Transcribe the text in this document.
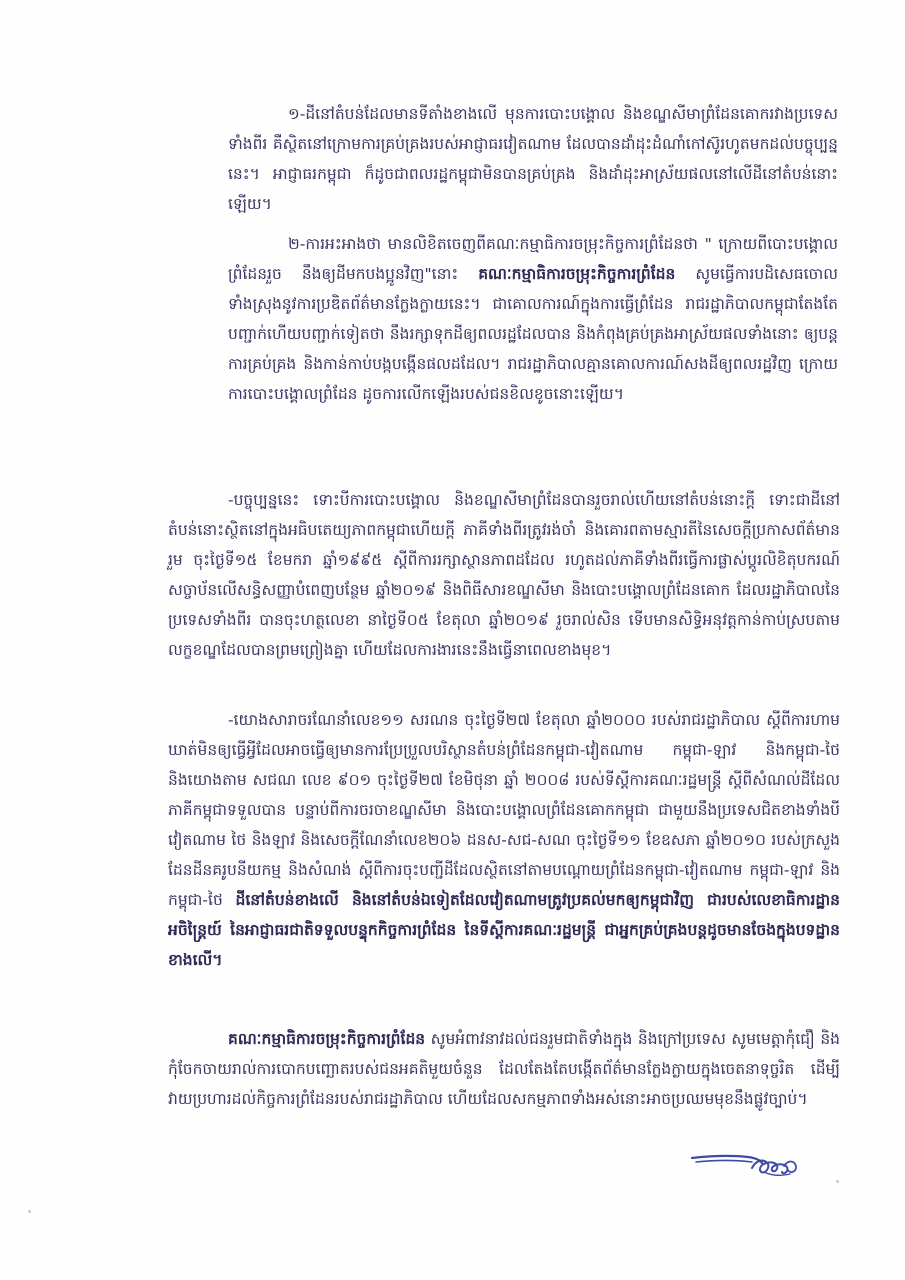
១-ដីនៅតំបន់ដែលមានទីតាំងខាងលើ មុនការបោះបង្គោល និងខណ្ឌសីមាព្រំដែនគោករវាងប្រទេសទាំងពីរ គឺស្ថិតនៅក្រោមការគ្រប់គ្រងរបស់អាជ្ញាធរវៀតណាម ដែលបានដាំដុះដំណាំកៅស៊ូរហូតមកដល់បច្ចុប្បន្ននេះ។ អាជ្ញាធរកម្ពុជា ក៏ដូចជាពលរដ្ឋកម្ពុជាមិនបានគ្រប់គ្រង និងដាំដុះអាស្រ័យផលនៅលើដីនៅតំបន់នោះឡើយ។

២-ការអះអាងថា មានលិខិតចេញពីគណៈកម្មាធិការចម្រុះកិច្ចការព្រំដែនថា " ក្រោយពីបោះបង្គោលព្រំដែនរួច នឹងឲ្យដីមកបងប្អូនវិញ"នោះ គណៈកម្មាធិការចម្រុះកិច្ចការព្រំដែន សូមធ្វើការបដិសេធចោលទាំងស្រុងនូវការប្រឌិតព័ត៌មានក្លែងក្លាយនេះ។ ជាគោលការណ៍ក្នុងការធ្វើព្រំដែន រាជរដ្ឋាភិបាលកម្ពុជាតែងតែបញ្ជាក់ហើយបញ្ជាក់ទៀតថា នឹងរក្សាទុកដីឲ្យពលរដ្ឋដែលបាន និងកំពុងគ្រប់គ្រងអាស្រ័យផលទាំងនោះ ឲ្យបន្តការគ្រប់គ្រង និងកាន់កាប់បង្កបង្កើនផលដដែល។ រាជរដ្ឋាភិបាលគ្មានគោលការណ៍សងដីឲ្យពលរដ្ឋវិញ ក្រោយការបោះបង្គោលព្រំដែន ដូចការលើកឡើងរបស់ជនខិលខូចនោះឡើយ។

-បច្ចុប្បន្ននេះ ទោះបីការបោះបង្គោល និងខណ្ឌសីមាព្រំដែនបានរួចរាល់ហើយនៅតំបន់នោះក្តី ទោះជាដីនៅតំបន់នោះស្ថិតនៅក្នុងអធិបតេយ្យភាពកម្ពុជាហើយក្តី ភាគីទាំងពីរត្រូវរង់ចាំ និងគោរពតាមស្មារតីនៃសេចក្តីប្រកាសព័ត៌មានរួម ចុះថ្ងៃទី១៥ ខែមករា ឆ្នាំ១៩៩៥ ស្តីពីការរក្សាស្ថានភាពដដែល រហូតដល់ភាគីទាំងពីរធ្វើការផ្លាស់ប្តូរលិខិតុបករណ៍សច្ចាប័នលើសន្ធិសញ្ញាបំពេញបន្ថែម ឆ្នាំ២០១៩ និងពិធីសារខណ្ឌសីមា និងបោះបង្គោលព្រំដែនគោក ដែលរដ្ឋាភិបាលនៃប្រទេសទាំងពីរ បានចុះហត្ថលេខា នាថ្ងៃទី០៥ ខែតុលា ឆ្នាំ២០១៩ រួចរាល់សិន ទើបមានសិទ្ធិអនុវត្តកាន់កាប់ស្របតាមលក្ខខណ្ឌដែលបានព្រមព្រៀងគ្នា ហើយដែលការងារនេះនឹងធ្វើនាពេលខាងមុខ។

-យោងសារាចរណែនាំលេខ១១ សរណន ចុះថ្ងៃទី២៧ ខែតុលា ឆ្នាំ២០០០ របស់រាជរដ្ឋាភិបាល ស្តីពីការហាមឃាត់មិនឲ្យធ្វើអ្វីដែលអាចធ្វើឲ្យមានការប្រែប្រួលបរិស្ថានតំបន់ព្រំដែនកម្ពុជា-វៀតណាម កម្ពុជា-ឡាវ និងកម្ពុជា-ថៃ និងយោងតាម សជណ លេខ ៩០១ ចុះថ្ងៃទី២៧ ខែមិថុនា ឆ្នាំ ២០០៨ របស់ទីស្តីការគណៈរដ្ឋមន្ត្រី ស្តីពីសំណល់ដីដែលភាគីកម្ពុជាទទួលបាន បន្ទាប់ពីការចរចាខណ្ឌសីមា និងបោះបង្គោលព្រំដែនគោកកម្ពុជា ជាមួយនឹងប្រទេសជិតខាងទាំងបី វៀតណាម ថៃ និងឡាវ និងសេចក្តីណែនាំលេខ២០៦ ដនស-សជ-សណ ចុះថ្ងៃទី១១ ខែឧសភា ឆ្នាំ២០១០ របស់ក្រសួងដែនដីនគរូបនីយកម្ម និងសំណង់ ស្តីពីការចុះបញ្ជីដីដែលស្ថិតនៅតាមបណ្តោយព្រំដែនកម្ពុជា-វៀតណាម កម្ពុជា-ឡាវ និងកម្ពុជា-ថៃ ដីនៅតំបន់ខាងលើ និងនៅតំបន់ឯទៀតដែលវៀតណាមត្រូវប្រគល់មកឲ្យកម្ពុជាវិញ ជារបស់លេខាធិការដ្ឋានអចិន្ត្រៃយ៍ នៃអាជ្ញាធរជាតិទទួលបន្ទុកកិច្ចការព្រំដែន នៃទីស្តីការគណៈរដ្ឋមន្ត្រី ជាអ្នកគ្រប់គ្រងបន្តដូចមានចែងក្នុងបទដ្ឋានខាងលើ។

គណៈកម្មាធិការចម្រុះកិច្ចការព្រំដែន សូមអំពាវនាវដល់ជនរួមជាតិទាំងក្នុង និងក្រៅប្រទេស សូមមេត្តាកុំជឿ និងកុំចែកចាយរាល់ការបោកបញ្ឆោតរបស់ជនអគតិមួយចំនួន ដែលតែងតែបង្កើតព័ត៌មានក្លែងក្លាយក្នុងចេតនាទុច្ចរិត ដើម្បីវាយប្រហារដល់កិច្ចការព្រំដែនរបស់រាជរដ្ឋាភិបាល ហើយដែលសកម្មភាពទាំងអស់នោះអាចប្រឈមមុខនឹងផ្លូវច្បាប់។
